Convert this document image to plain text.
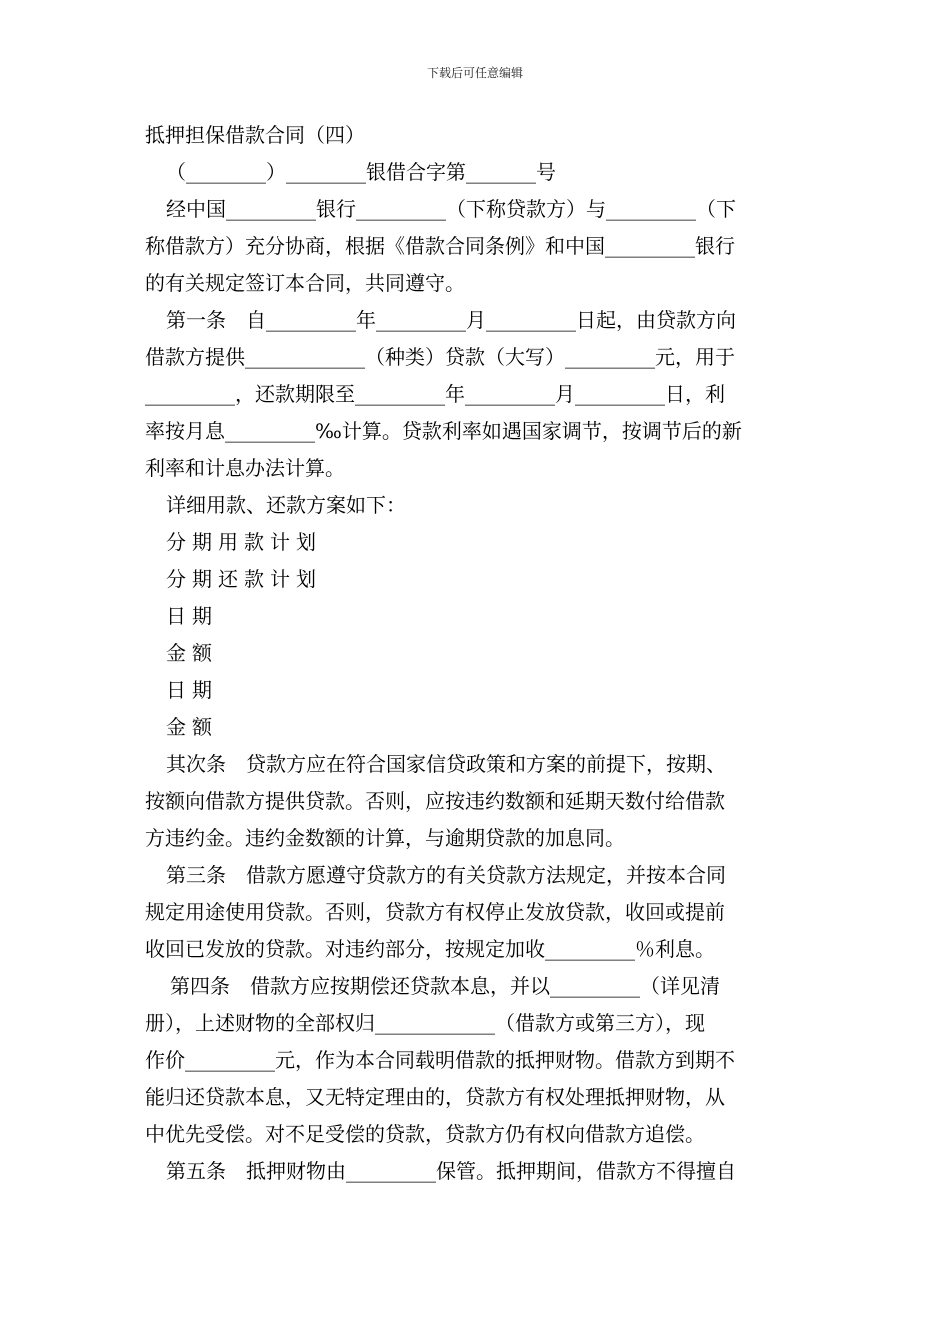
下载后可任意编辑
抵押担保借款合同（四）
（________）________银借合字第_______号
经中国_________银行_________（下称贷款方）与_________（下
称借款方）充分协商，根据《借款合同条例》和中国_________银行
的有关规定签订本合同，共同遵守。
第一条　自_________年_________月_________日起，由贷款方向
借款方提供____________（种类）贷款（大写）_________元，用于
_________，还款期限至_________年_________月_________日，利
率按月息_________‰计算。贷款利率如遇国家调节，按调节后的新
利率和计息办法计算。
详细用款、还款方案如下：
分期用款计划
分期还款计划
日期
金额
日期
金额
其次条　贷款方应在符合国家信贷政策和方案的前提下，按期、
按额向借款方提供贷款。否则，应按违约数额和延期天数付给借款
方违约金。违约金数额的计算，与逾期贷款的加息同。
第三条　借款方愿遵守贷款方的有关贷款方法规定，并按本合同
规定用途使用贷款。否则，贷款方有权停止发放贷款，收回或提前
收回已发放的贷款。对违约部分，按规定加收_________％利息。
第四条　借款方应按期偿还贷款本息，并以_________（详见清
册），上述财物的全部权归____________（借款方或第三方），现
作价_________元，作为本合同载明借款的抵押财物。借款方到期不
能归还贷款本息，又无特定理由的，贷款方有权处理抵押财物，从
中优先受偿。对不足受偿的贷款，贷款方仍有权向借款方追偿。
第五条　抵押财物由_________保管。抵押期间，借款方不得擅自
